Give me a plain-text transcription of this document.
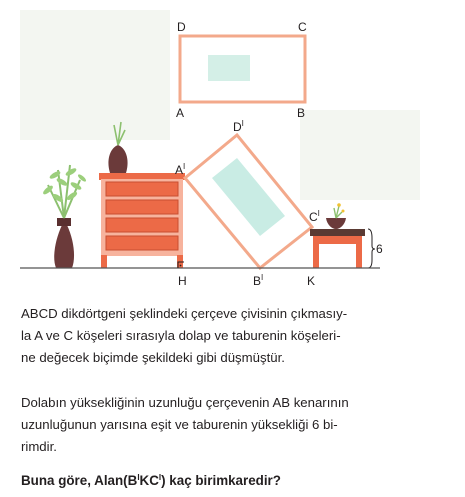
D	C
A	B
$A^I$
$D^I$
$B^I$
$C^I$
6
H	K
ABCD dikdörtgeni şeklindeki çerçeve çivisinin çıkmasıy-
la A ve C köşeleri sırasıyla dolap ve taburenin köşeleri-
ne değecek biçimde şekildeki gibi düşmüştür.
Dolabın yüksekliğinin uzunluğu çerçevenin AB kenarının
uzunluğunun yarısına eşit ve taburenin yüksekliği 6 bi-
rimdir.
Buna göre, $Alan(B^IKC^I)$ kaç birimkaredir?
